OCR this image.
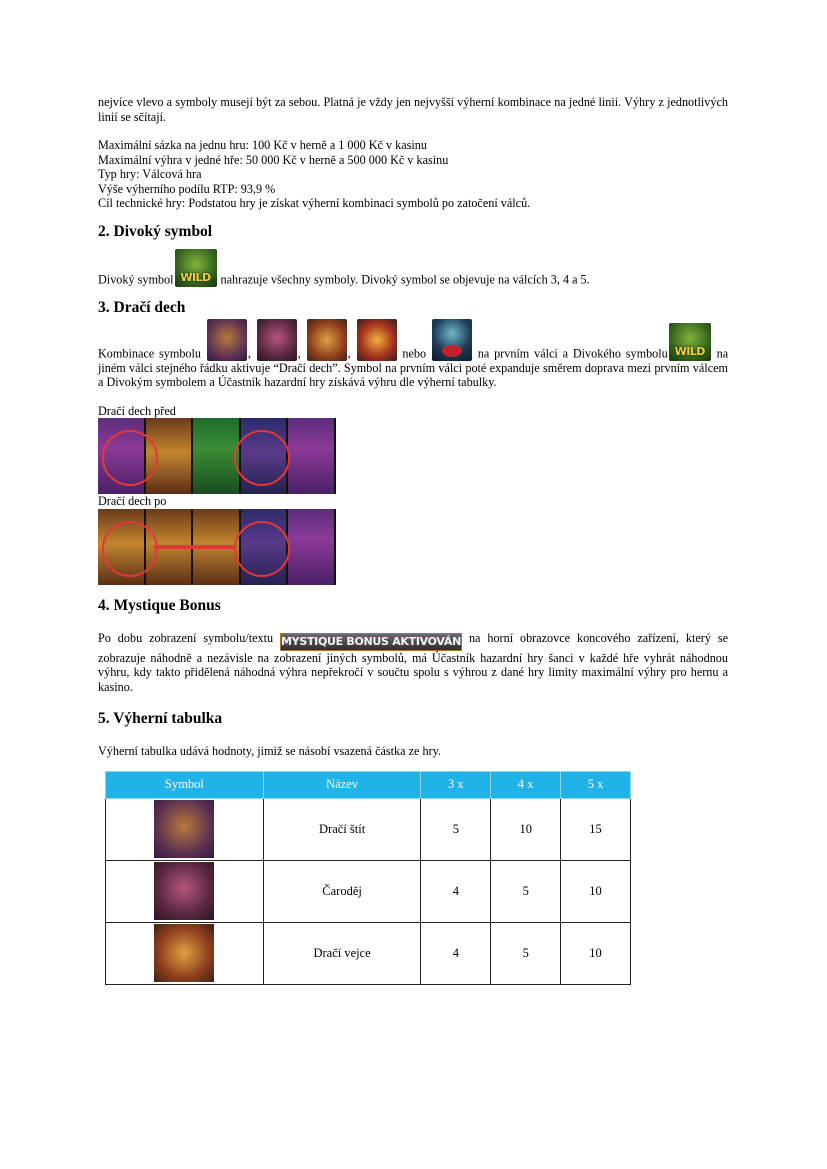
nejvíce vlevo a symboly musejí být za sebou. Platná je vždy jen nejvyšší výherní kombinace na jedné linii. Výhry z jednotlivých linií se sčítají.

Maximální sázka na jednu hru: 100 Kč v herně a 1 000 Kč v kasinu

Maximální výhra v jedné hře: 50 000 Kč v herně a 500 000 Kč v kasinu

Typ hry: Válcová hra

Výše výherního podílu RTP: 93,9 %

Cíl technické hry: Podstatou hry je získat výherní kombinaci symbolů po zatočení válců.

2. Divoký symbol

Divoký symbol WILD nahrazuje všechny symboly. Divoký symbol se objevuje na válcích 3, 4 a 5.

3. Dračí dech

Kombinace symbolu	,	,	,	nebo	na prvním válci a Divokého symbolu WILD na jiném válci stejného řádku aktivuje “Dračí dech”. Symbol na prvním válci poté expanduje směrem doprava mezi prvním válcem a Divokým symbolem a Účastník hazardní hry získává výhru dle výherní tabulky.

Dračí dech před

Dračí dech po

4. Mystique Bonus

Po dobu zobrazení symbolu/textu MYSTIQUE BONUS AKTIVOVÁN na horní obrazovce koncového zařízení, který se zobrazuje náhodně a nezávisle na zobrazení jiných symbolů, má Účastník hazardní hry šanci v každé hře vyhrát náhodnou výhru, kdy takto přidělená náhodná výhra nepřekročí v součtu spolu s výhrou z dané hry limity maximální výhry pro hernu a kasino.

5. Výherní tabulka

Výherní tabulka udává hodnoty, jimiž se násobí vsazená částka ze hry.

Symbol	Název	3 x	4 x	5 x
	Dračí štít	5	10	15
	Čaroděj	4	5	10
	Dračí vejce	4	5	10
